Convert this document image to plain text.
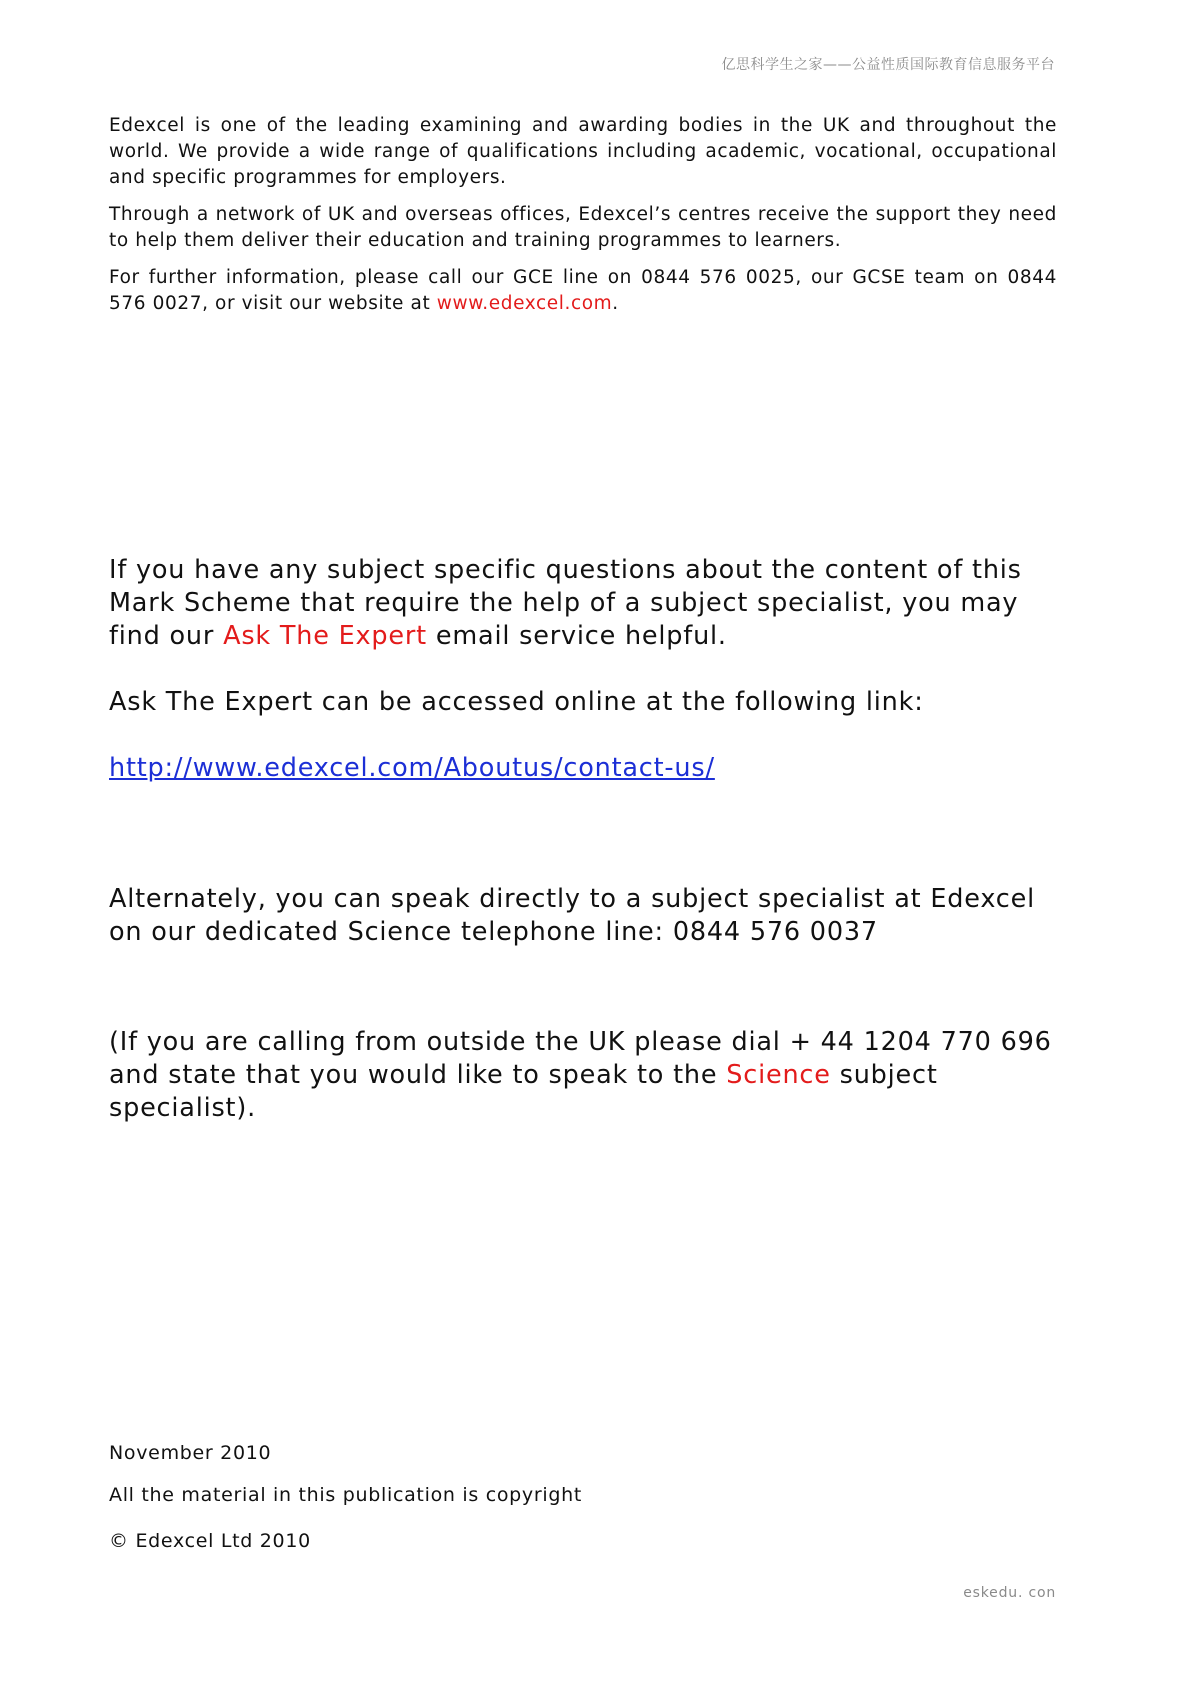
亿思科学生之家——公益性质国际教育信息服务平台

Edexcel is one of the leading examining and awarding bodies in the UK and throughout the world. We provide a wide range of qualifications including academic, vocational, occupational and specific programmes for employers.

Through a network of UK and overseas offices, Edexcel’s centres receive the support they need to help them deliver their education and training programmes to learners.

For further information, please call our GCE line on 0844 576 0025, our GCSE team on 0844 576 0027, or visit our website at www.edexcel.com.

If you have any subject specific questions about the content of this Mark Scheme that require the help of a subject specialist, you may find our Ask The Expert email service helpful.

Ask The Expert can be accessed online at the following link:

http://www.edexcel.com/Aboutus/contact-us/

Alternately, you can speak directly to a subject specialist at Edexcel on our dedicated Science telephone line: 0844 576 0037

(If you are calling from outside the UK please dial + 44 1204 770 696 and state that you would like to speak to the Science subject specialist).

November 2010

All the material in this publication is copyright

© Edexcel Ltd 2010

eskedu. con
